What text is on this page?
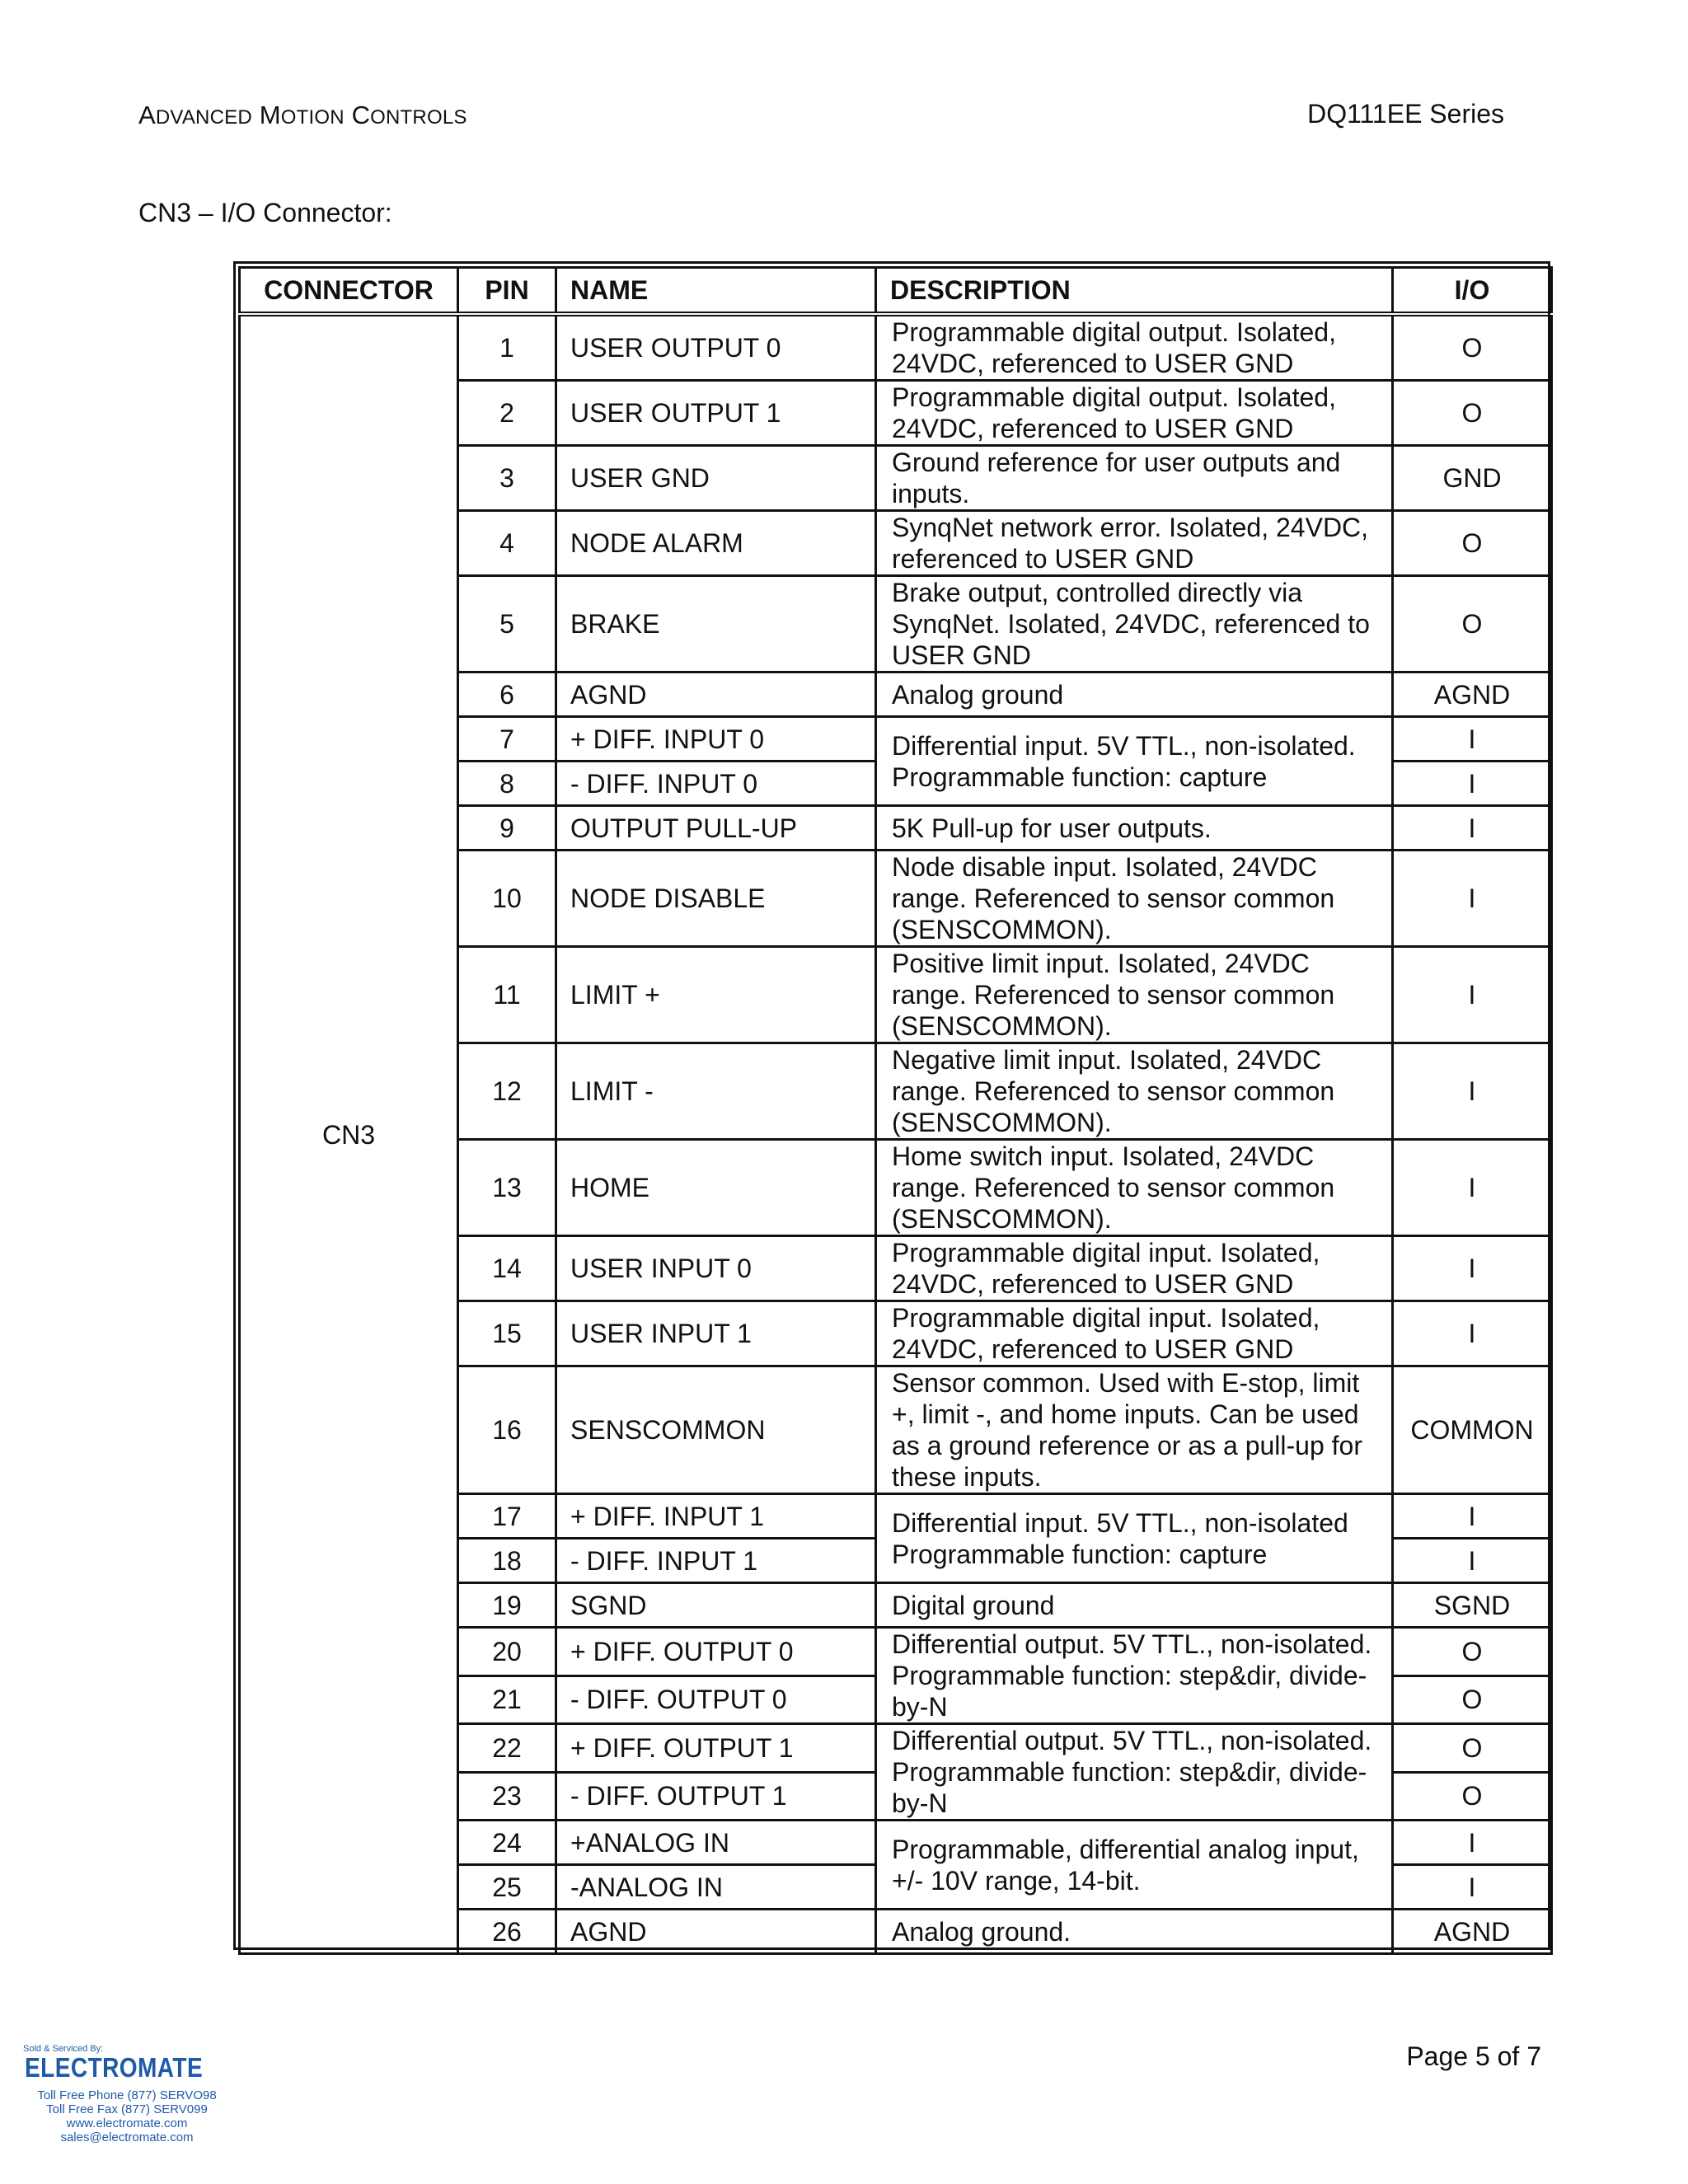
ADVANCED MOTION CONTROLS	DQ111EE Series
CN3 – I/O Connector:
CONNECTOR	PIN	NAME	DESCRIPTION	I/O
CN3	1	USER OUTPUT 0	Programmable digital output. Isolated, 24VDC, referenced to USER GND	O
	2	USER OUTPUT 1	Programmable digital output. Isolated, 24VDC, referenced to USER GND	O
	3	USER GND	Ground reference for user outputs and inputs.	GND
	4	NODE ALARM	SynqNet network error. Isolated, 24VDC, referenced to USER GND	O
	5	BRAKE	Brake output, controlled directly via SynqNet. Isolated, 24VDC, referenced to USER GND	O
	6	AGND	Analog ground	AGND
	7	+ DIFF. INPUT 0	Differential input. 5V TTL., non-isolated. Programmable function: capture	I
	8	- DIFF. INPUT 0		I
	9	OUTPUT PULL-UP	5K Pull-up for user outputs.	I
	10	NODE DISABLE	Node disable input. Isolated, 24VDC range. Referenced to sensor common (SENSCOMMON).	I
	11	LIMIT +	Positive limit input. Isolated, 24VDC range. Referenced to sensor common (SENSCOMMON).	I
	12	LIMIT -	Negative limit input. Isolated, 24VDC range. Referenced to sensor common (SENSCOMMON).	I
	13	HOME	Home switch input. Isolated, 24VDC range. Referenced to sensor common (SENSCOMMON).	I
	14	USER INPUT 0	Programmable digital input. Isolated, 24VDC, referenced to USER GND	I
	15	USER INPUT 1	Programmable digital input. Isolated, 24VDC, referenced to USER GND	I
	16	SENSCOMMON	Sensor common. Used with E-stop, limit +, limit -, and home inputs. Can be used as a ground reference or as a pull-up for these inputs.	COMMON
	17	+ DIFF. INPUT 1	Differential input. 5V TTL., non-isolated Programmable function: capture	I
	18	- DIFF. INPUT 1		I
	19	SGND	Digital ground	SGND
	20	+ DIFF. OUTPUT 0	Differential output. 5V TTL., non-isolated. Programmable function: step&dir, divide-by-N	O
	21	- DIFF. OUTPUT 0		O
	22	+ DIFF. OUTPUT 1	Differential output. 5V TTL., non-isolated. Programmable function: step&dir, divide-by-N	O
	23	- DIFF. OUTPUT 1		O
	24	+ANALOG IN	Programmable, differential analog input, +/- 10V range, 14-bit.	I
	25	-ANALOG IN		I
	26	AGND	Analog ground.	AGND
Page 5 of 7
Sold & Serviced By:
ELECTROMATE
Toll Free Phone (877) SERVO98
Toll Free Fax (877) SERV099
www.electromate.com
sales@electromate.com
